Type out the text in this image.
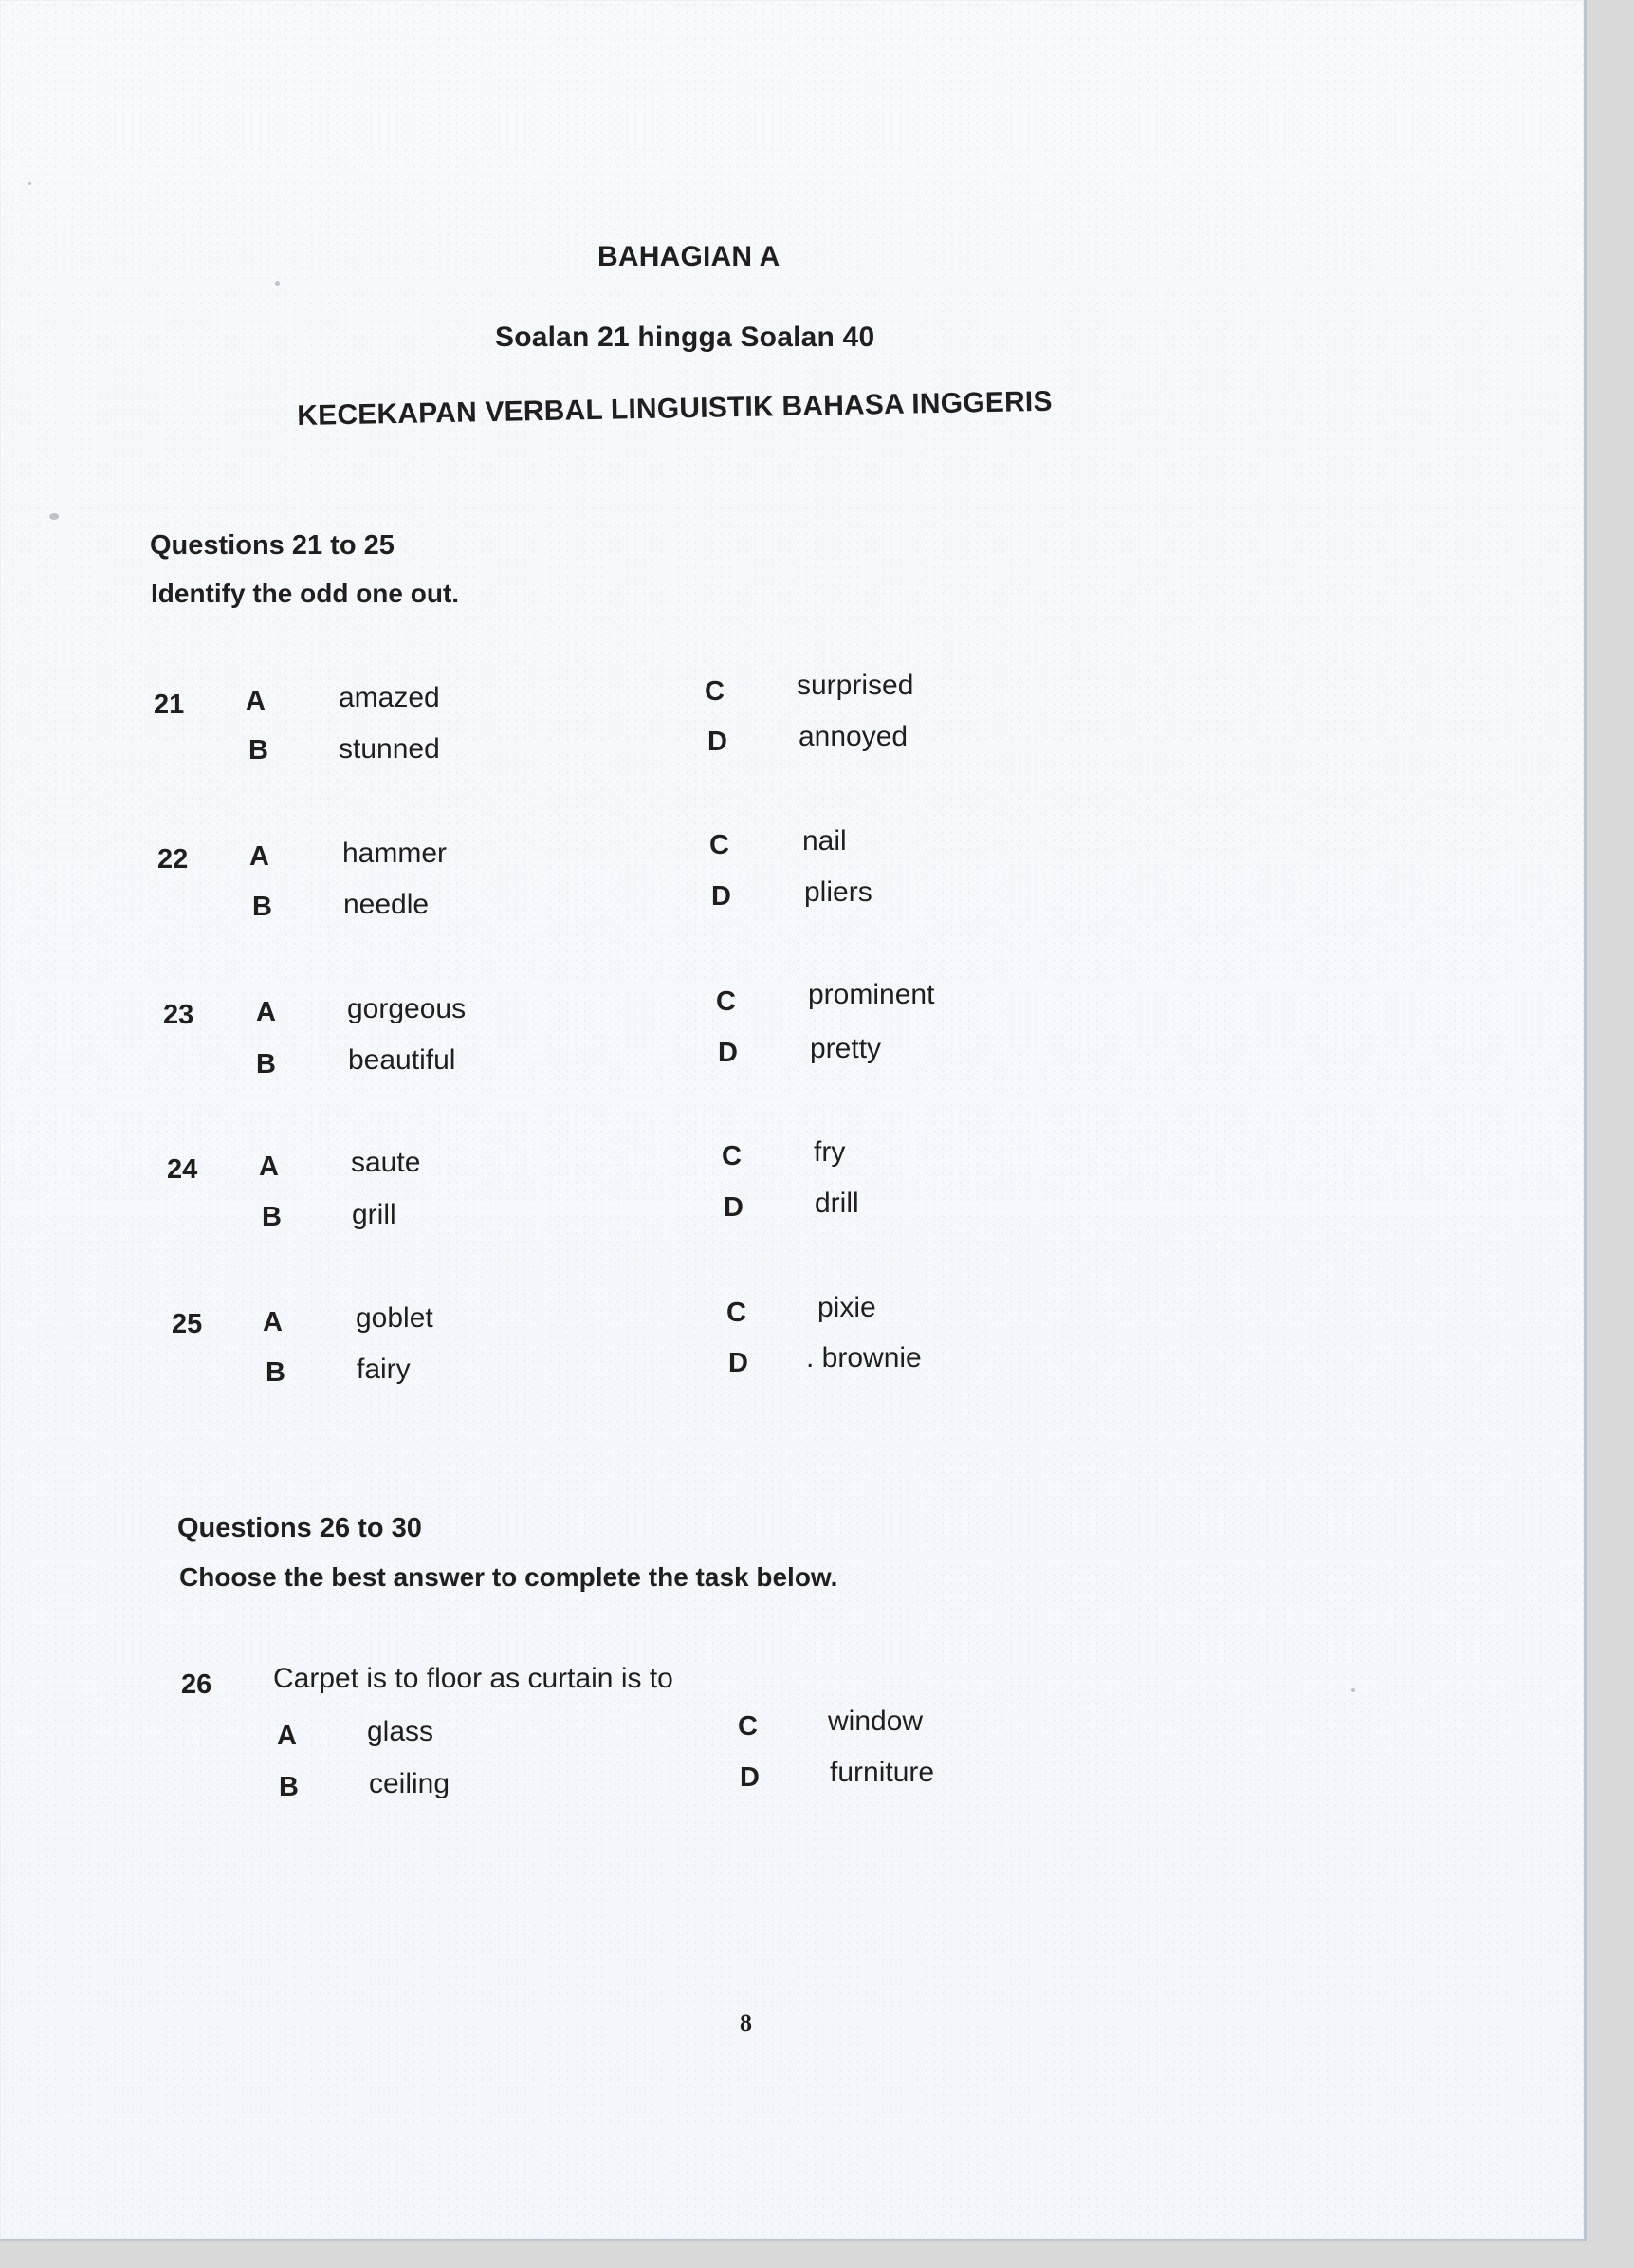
BAHAGIAN A
Soalan 21 hingga Soalan 40
KECEKAPAN VERBAL LINGUISTIK BAHASA INGGERIS
Questions 21 to 25
Identify the odd one out.
21 A	amazed
B stunned
C	surprised
D	annoyed
22 A	hammer
B	needle
C	nail
D	pliers
23 A	gorgeous
B	beautiful
C	prominent
D	pretty
24 A	saute
B grill
C	fry
D	drill
25 A	goblet
B	fairy
C	pixie
D . brownie
Questions 26 to 30
Choose the best answer to complete the task below.
26 Carpet is to floor as curtain is to
A glass
B ceiling
C window
D furniture
8
